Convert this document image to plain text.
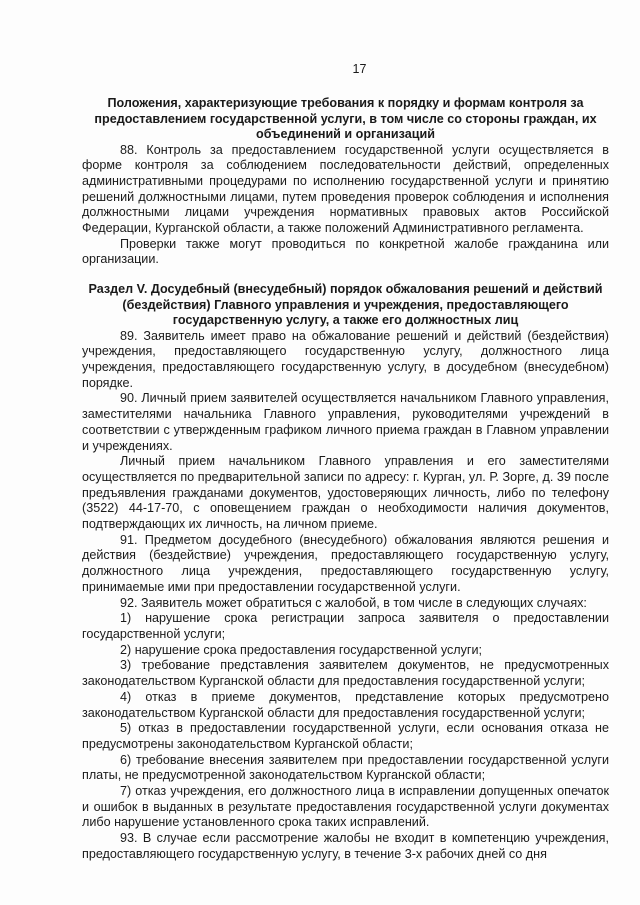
17
Положения, характеризующие требования к порядку и формам контроля за предоставлением государственной услуги, в том числе со стороны граждан, их объединений и организаций

88. Контроль за предоставлением государственной услуги осуществляется в форме контроля за соблюдением последовательности действий, определенных административными процедурами по исполнению государственной услуги и принятию решений должностными лицами, путем проведения проверок соблюдения и исполнения должностными лицами учреждения нормативных правовых актов Российской Федерации, Курганской области, а также положений Административного регламента.

Проверки также могут проводиться по конкретной жалобе гражданина или организации.

Раздел V. Досудебный (внесудебный) порядок обжалования решений и действий (бездействия) Главного управления и учреждения, предоставляющего государственную услугу, а также его должностных лиц

89. Заявитель имеет право на обжалование решений и действий (бездействия) учреждения, предоставляющего государственную услугу, должностного лица учреждения, предоставляющего государственную услугу, в досудебном (внесудебном) порядке.

90. Личный прием заявителей осуществляется начальником Главного управления, заместителями начальника Главного управления, руководителями учреждений в соответствии с утвержденным графиком личного приема граждан в Главном управлении и учреждениях.

Личный прием начальником Главного управления и его заместителями осуществляется по предварительной записи по адресу: г. Курган, ул. Р. Зорге, д. 39 после предъявления гражданами документов, удостоверяющих личность, либо по телефону (3522) 44-17-70, с оповещением граждан о необходимости наличия документов, подтверждающих их личность, на личном приеме.

91. Предметом досудебного (внесудебного) обжалования являются решения и действия (бездействие) учреждения, предоставляющего государственную услугу, должностного лица учреждения, предоставляющего государственную услугу, принимаемые ими при предоставлении государственной услуги.

92. Заявитель может обратиться с жалобой, в том числе в следующих случаях:

1) нарушение срока регистрации запроса заявителя о предоставлении государственной услуги;

2) нарушение срока предоставления государственной услуги;

3) требование представления заявителем документов, не предусмотренных законодательством Курганской области для предоставления государственной услуги;

4) отказ в приеме документов, представление которых предусмотрено законодательством Курганской области для предоставления государственной услуги;

5) отказ в предоставлении государственной услуги, если основания отказа не предусмотрены законодательством Курганской области;

6) требование внесения заявителем при предоставлении государственной услуги платы, не предусмотренной законодательством Курганской области;

7) отказ учреждения, его должностного лица в исправлении допущенных опечаток и ошибок в выданных в результате предоставления государственной услуги документах либо нарушение установленного срока таких исправлений.

93. В случае если рассмотрение жалобы не входит в компетенцию учреждения, предоставляющего государственную услугу, в течение 3-х рабочих дней со дня
